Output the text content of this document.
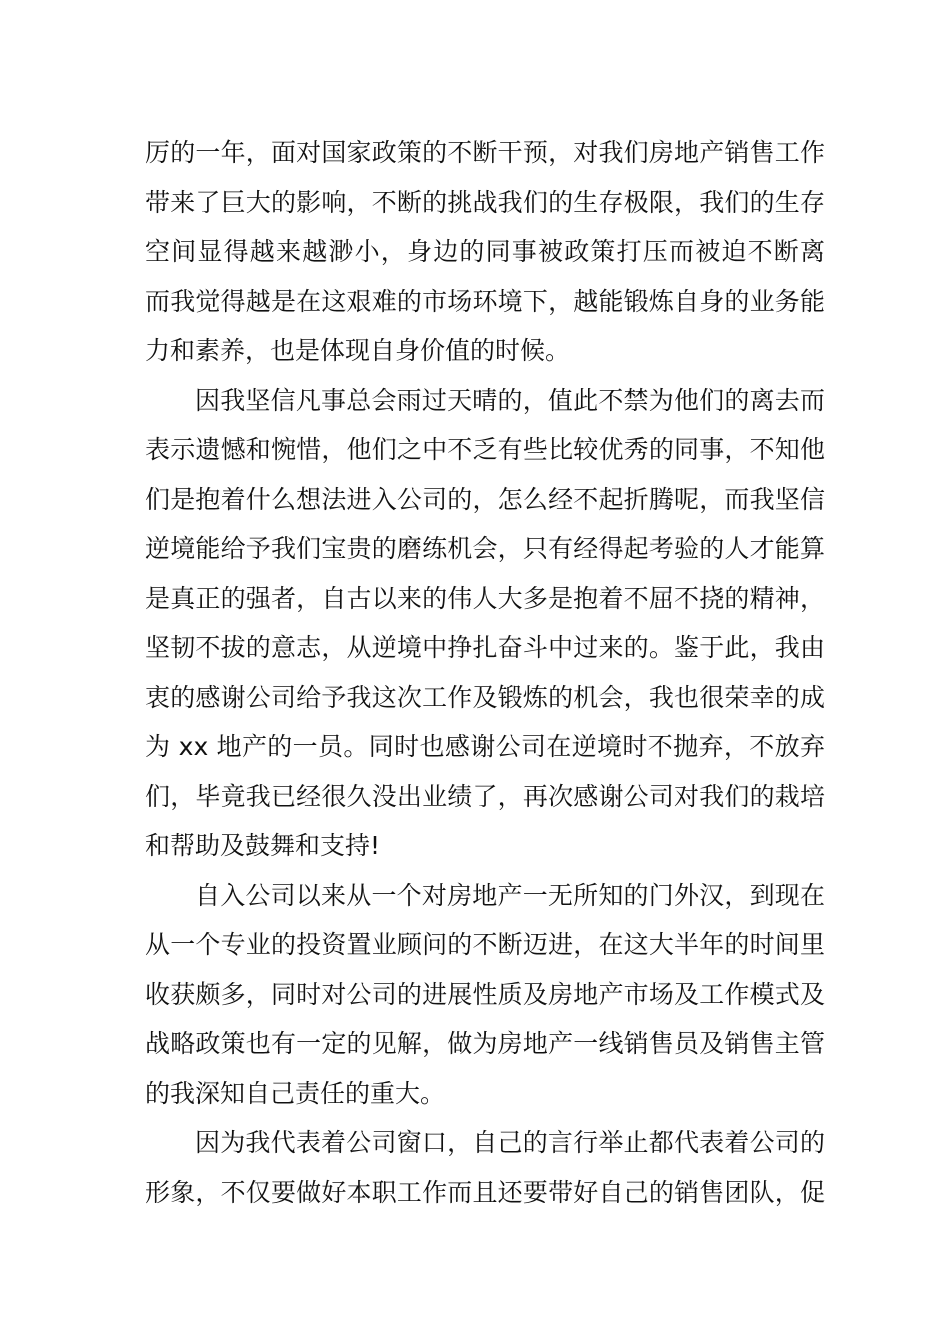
厉的一年，面对国家政策的不断干预，对我们房地产销售工作
带来了巨大的影响，不断的挑战我们的生存极限，我们的生存
空间显得越来越渺小，身边的同事被政策打压而被迫不断离
而我觉得越是在这艰难的市场环境下，越能锻炼自身的业务能
力和素养，也是体现自身价值的时候。
因我坚信凡事总会雨过天晴的，值此不禁为他们的离去而
表示遗憾和惋惜，他们之中不乏有些比较优秀的同事，不知他
们是抱着什么想法进入公司的，怎么经不起折腾呢，而我坚信
逆境能给予我们宝贵的磨练机会，只有经得起考验的人才能算
是真正的强者，自古以来的伟人大多是抱着不屈不挠的精神，
坚韧不拔的意志，从逆境中挣扎奋斗中过来的。鉴于此，我由
衷的感谢公司给予我这次工作及锻炼的机会，我也很荣幸的成
为 xx 地产的一员。同时也感谢公司在逆境时不抛弃，不放弃
们，毕竟我已经很久没出业绩了，再次感谢公司对我们的栽培
和帮助及鼓舞和支持!
自入公司以来从一个对房地产一无所知的门外汉，到现在
从一个专业的投资置业顾问的不断迈进，在这大半年的时间里
收获颇多，同时对公司的进展性质及房地产市场及工作模式及
战略政策也有一定的见解，做为房地产一线销售员及销售主管
的我深知自己责任的重大。
因为我代表着公司窗口，自己的言行举止都代表着公司的
形象，不仅要做好本职工作而且还要带好自己的销售团队，促
